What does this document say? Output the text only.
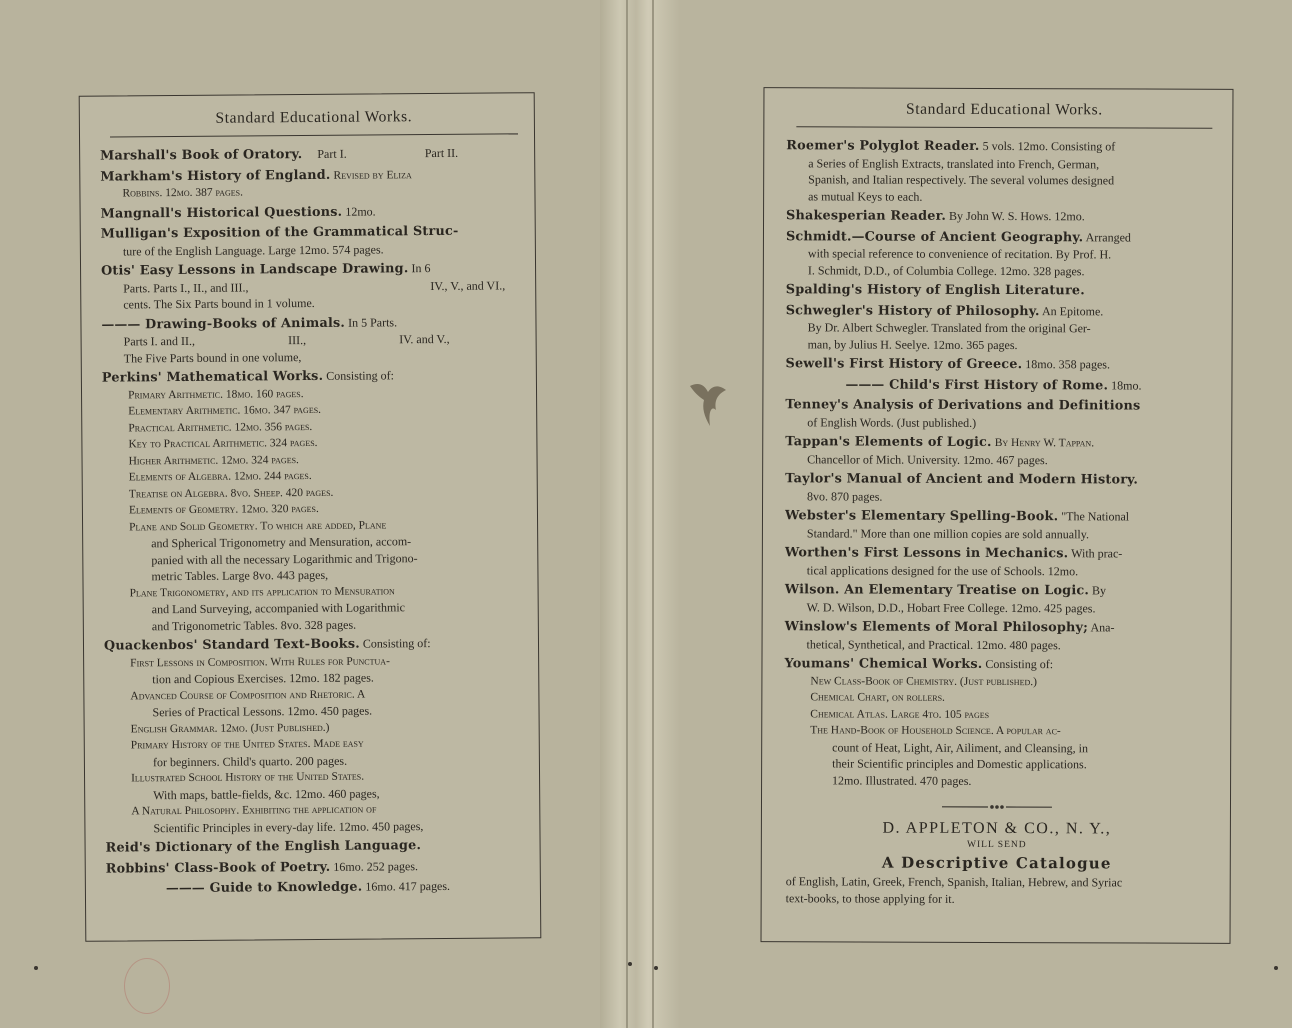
Standard Educational Works.
Marshall's Book of Oratory. Part I.	Part II.
Markham's History of England. Revised by Eliza
Robbins. 12mo. 387 pages.
Mangnall's Historical Questions. 12mo.
Mulligan's Exposition of the Grammatical Struc-
ture of the English Language. Large 12mo. 574 pages.
Otis' Easy Lessons in Landscape Drawing. In 6
Parts. Parts I., II., and III.,	IV., V., and VI.,
cents. The Six Parts bound in 1 volume.
——— Drawing-Books of Animals. In 5 Parts.
Parts I. and II.,	III.,	IV. and V.,
The Five Parts bound in one volume,
Perkins' Mathematical Works. Consisting of:
Primary Arithmetic. 18mo. 160 pages.
Elementary Arithmetic. 16mo. 347 pages.
Practical Arithmetic. 12mo. 356 pages.
Key to Practical Arithmetic. 324 pages.
Higher Arithmetic. 12mo. 324 pages.
Elements of Algebra. 12mo. 244 pages.
Treatise on Algebra. 8vo. Sheep. 420 pages.
Elements of Geometry. 12mo. 320 pages.
Plane and Solid Geometry. To which are added, Plane
and Spherical Trigonometry and Mensuration, accom-
panied with all the necessary Logarithmic and Trigono-
metric Tables. Large 8vo. 443 pages,
Plane Trigonometry, and its application to Mensuration
and Land Surveying, accompanied with Logarithmic
and Trigonometric Tables. 8vo. 328 pages.
Quackenbos' Standard Text-Books. Consisting of:
First Lessons in Composition. With Rules for Punctua-
tion and Copious Exercises. 12mo. 182 pages.
Advanced Course of Composition and Rhetoric. A
Series of Practical Lessons. 12mo. 450 pages.
English Grammar. 12mo. (Just Published.)
Primary History of the United States. Made easy
for beginners. Child's quarto. 200 pages.
Illustrated School History of the United States.
With maps, battle-fields, &c. 12mo. 460 pages,
A Natural Philosophy. Exhibiting the application of
Scientific Principles in every-day life. 12mo. 450 pages,
Reid's Dictionary of the English Language.
Robbins' Class-Book of Poetry. 16mo. 252 pages.
——— Guide to Knowledge. 16mo. 417 pages.
Standard Educational Works.
Roemer's Polyglot Reader. 5 vols. 12mo. Consisting of
a Series of English Extracts, translated into French, German,
Spanish, and Italian respectively. The several volumes designed
as mutual Keys to each.
Shakesperian Reader. By John W. S. Hows. 12mo.
Schmidt.—Course of Ancient Geography. Arranged
with special reference to convenience of recitation. By Prof. H.
I. Schmidt, D.D., of Columbia College. 12mo. 328 pages.
Spalding's History of English Literature.
Schwegler's History of Philosophy. An Epitome.
By Dr. Albert Schwegler. Translated from the original Ger-
man, by Julius H. Seelye. 12mo. 365 pages.
Sewell's First History of Greece. 18mo. 358 pages.
——— Child's First History of Rome. 18mo.
Tenney's Analysis of Derivations and Definitions
of English Words. (Just published.)
Tappan's Elements of Logic. By Henry W. Tappan.
Chancellor of Mich. University. 12mo. 467 pages.
Taylor's Manual of Ancient and Modern History.
8vo. 870 pages.
Webster's Elementary Spelling-Book. "The National
Standard." More than one million copies are sold annually.
Worthen's First Lessons in Mechanics. With prac-
tical applications designed for the use of Schools. 12mo.
Wilson. An Elementary Treatise on Logic. By
W. D. Wilson, D.D., Hobart Free College. 12mo. 425 pages.
Winslow's Elements of Moral Philosophy; Ana-
thetical, Synthetical, and Practical. 12mo. 480 pages.
Youmans' Chemical Works. Consisting of:
New Class-Book of Chemistry. (Just published.)
Chemical Chart, on rollers.
Chemical Atlas. Large 4to. 105 pages
The Hand-Book of Household Science. A popular ac-
count of Heat, Light, Air, Ailiment, and Cleansing, in
their Scientific principles and Domestic applications.
12mo. Illustrated. 470 pages.
D. APPLETON & CO., N. Y.,
WILL SEND
A Descriptive Catalogue
of English, Latin, Greek, French, Spanish, Italian, Hebrew, and Syriac
text-books, to those applying for it.
